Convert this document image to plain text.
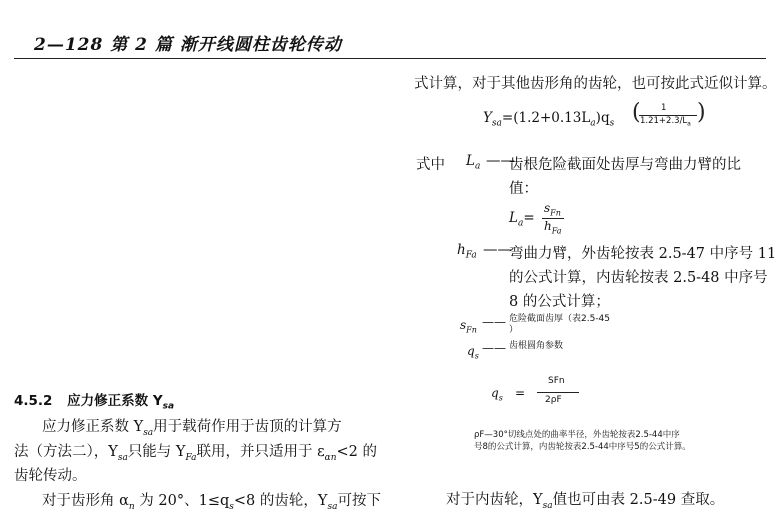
2—128 第 2 篇 渐开线圆柱齿轮传动
式计算，对于其他齿形角的齿轮，也可按此式近似计算。
$Y_{sa}=(1.2+0.13L_a)q_s$ ( 1
$1.21+2.3/L_a$ )
式中 $L_a$ ——
齿根危险截面处齿厚与弯曲力臂的比
值：
$L_a=$
$s_{Fn}$
$h_{Fa}$
$h_{Fa}$ ——
弯曲力臂，外齿轮按表 2.5-47 中序号 11
的公式计算，内齿轮按表 2.5-48 中序号
8 的公式计算；
$s_{Fn}$
—— 危险截面齿厚（表2.5-45
）
$q_s$
—— 齿根圆角参数
$q_s$ =
SFn
2ρF
ρF—30°切线点处的曲率半径，外齿轮按表2.5-44中序
号8的公式计算，内齿轮按表2.5-44中序号5的公式计算。
对于内齿轮，$Y_{sa}$值也可由表 2.5-49 查取。
4.5.2 应力修正系数 $Y_{sa}$
应力修正系数 $Y_{sa}$用于载荷作用于齿顶的计算方
法（方法二），$Y_{sa}$只能与 $Y_{Fa}$联用，并只适用于 $\varepsilon_{\alpha n}<2$ 的
齿轮传动。
对于齿形角 $\alpha_n$ 为 20°、$1\le q_s<8$ 的齿轮，$Y_{sa}$可按下
